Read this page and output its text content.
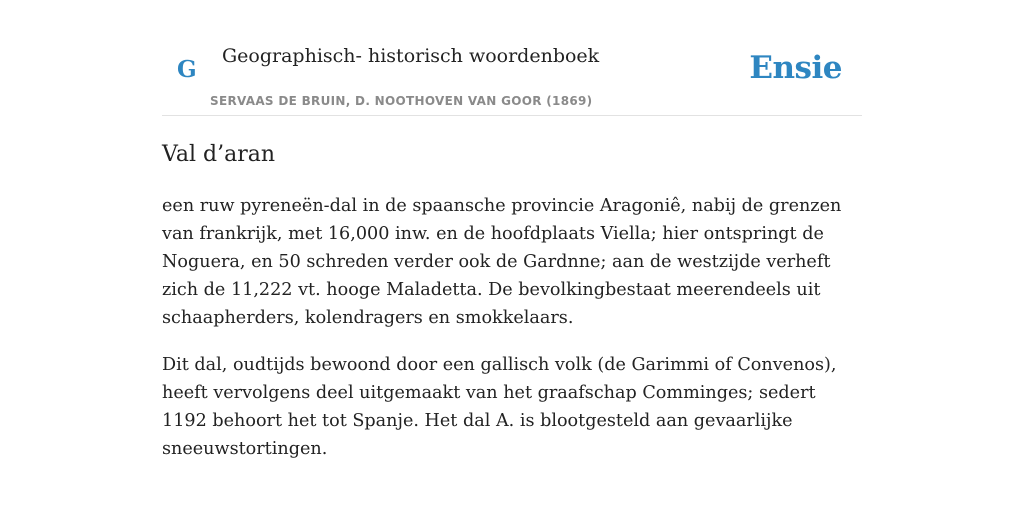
G Geographisch- historisch woordenboek
SERVAAS DE BRUIN, D. NOOTHOVEN VAN GOOR (1869)
Ensie
Val d’aran

een ruw pyreneën-dal in de spaansche provincie Aragoniê, nabij de grenzen van frankrijk, met 16,000 inw. en de hoofdplaats Viella; hier ontspringt de Noguera, en 50 schreden verder ook de Gardnne; aan de westzijde verheft zich de 11,222 vt. hooge Maladetta. De bevolkingbestaat meerendeels uit schaapherders, kolendragers en smokkelaars.

Dit dal, oudtijds bewoond door een gallisch volk (de Garimmi of Convenos), heeft vervolgens deel uitgemaakt van het graafschap Comminges; sedert 1192 behoort het tot Spanje. Het dal A. is blootgesteld aan gevaarlijke sneeuwstortingen.
